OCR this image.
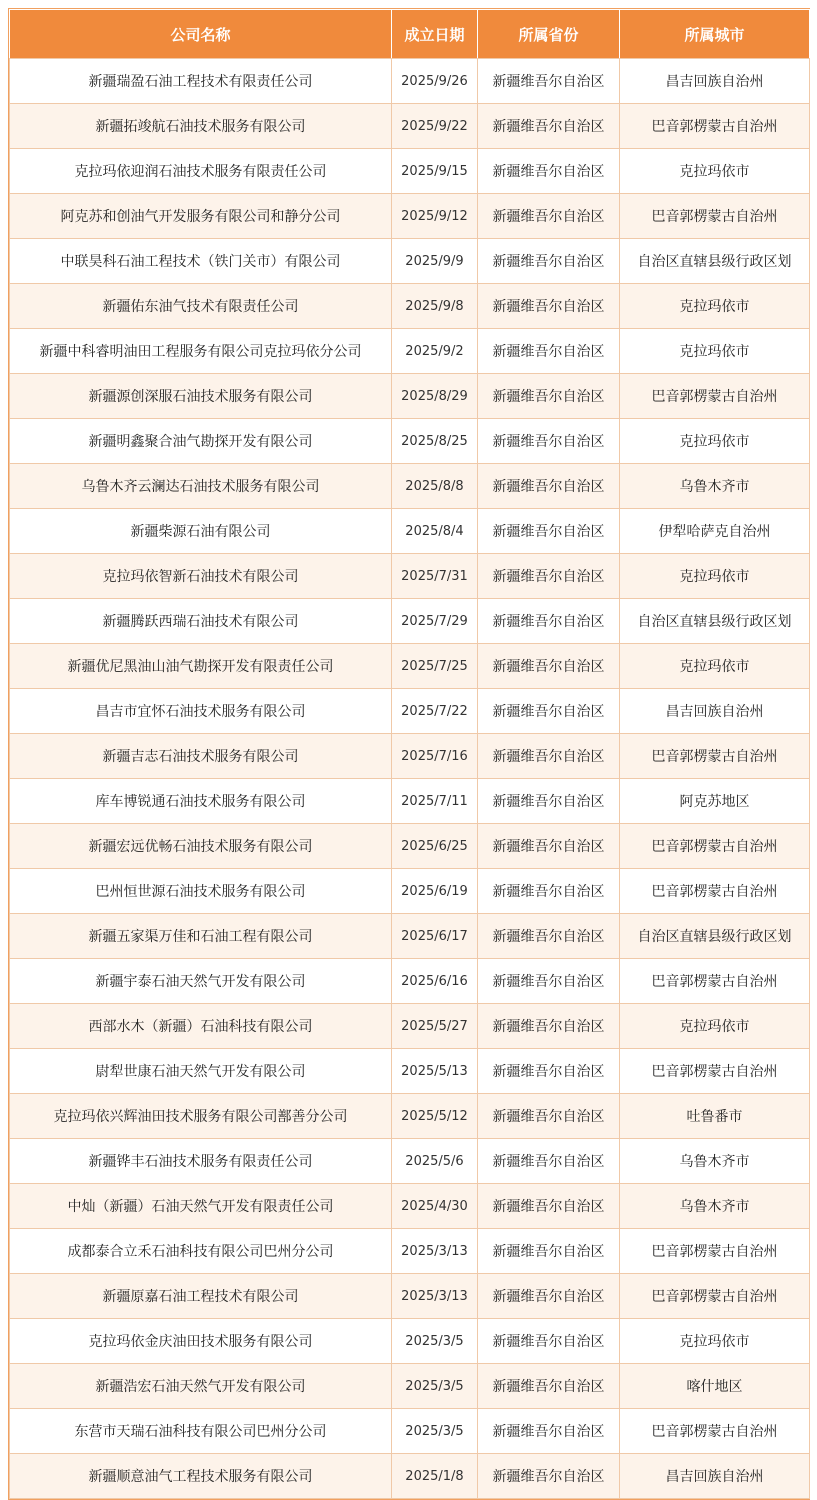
公司名称	成立日期	所属省份	所属城市
新疆瑞盈石油工程技术有限责任公司	2025/9/26	新疆维吾尔自治区	昌吉回族自治州
新疆拓竣航石油技术服务有限公司	2025/9/22	新疆维吾尔自治区	巴音郭楞蒙古自治州
克拉玛依迎润石油技术服务有限责任公司	2025/9/15	新疆维吾尔自治区	克拉玛依市
阿克苏和创油气开发服务有限公司和静分公司	2025/9/12	新疆维吾尔自治区	巴音郭楞蒙古自治州
中联昊科石油工程技术（铁门关市）有限公司	2025/9/9	新疆维吾尔自治区	自治区直辖县级行政区划
新疆佑东油气技术有限责任公司	2025/9/8	新疆维吾尔自治区	克拉玛依市
新疆中科睿明油田工程服务有限公司克拉玛依分公司	2025/9/2	新疆维吾尔自治区	克拉玛依市
新疆源创深服石油技术服务有限公司	2025/8/29	新疆维吾尔自治区	巴音郭楞蒙古自治州
新疆明鑫聚合油气勘探开发有限公司	2025/8/25	新疆维吾尔自治区	克拉玛依市
乌鲁木齐云澜达石油技术服务有限公司	2025/8/8	新疆维吾尔自治区	乌鲁木齐市
新疆柴源石油有限公司	2025/8/4	新疆维吾尔自治区	伊犁哈萨克自治州
克拉玛依智新石油技术有限公司	2025/7/31	新疆维吾尔自治区	克拉玛依市
新疆腾跃西瑞石油技术有限公司	2025/7/29	新疆维吾尔自治区	自治区直辖县级行政区划
新疆优尼黑油山油气勘探开发有限责任公司	2025/7/25	新疆维吾尔自治区	克拉玛依市
昌吉市宜怀石油技术服务有限公司	2025/7/22	新疆维吾尔自治区	昌吉回族自治州
新疆吉志石油技术服务有限公司	2025/7/16	新疆维吾尔自治区	巴音郭楞蒙古自治州
库车博锐通石油技术服务有限公司	2025/7/11	新疆维吾尔自治区	阿克苏地区
新疆宏远优畅石油技术服务有限公司	2025/6/25	新疆维吾尔自治区	巴音郭楞蒙古自治州
巴州恒世源石油技术服务有限公司	2025/6/19	新疆维吾尔自治区	巴音郭楞蒙古自治州
新疆五家渠万佳和石油工程有限公司	2025/6/17	新疆维吾尔自治区	自治区直辖县级行政区划
新疆宇泰石油天然气开发有限公司	2025/6/16	新疆维吾尔自治区	巴音郭楞蒙古自治州
西部水木（新疆）石油科技有限公司	2025/5/27	新疆维吾尔自治区	克拉玛依市
尉犁世康石油天然气开发有限公司	2025/5/13	新疆维吾尔自治区	巴音郭楞蒙古自治州
克拉玛依兴辉油田技术服务有限公司鄯善分公司	2025/5/12	新疆维吾尔自治区	吐鲁番市
新疆铧丰石油技术服务有限责任公司	2025/5/6	新疆维吾尔自治区	乌鲁木齐市
中灿（新疆）石油天然气开发有限责任公司	2025/4/30	新疆维吾尔自治区	乌鲁木齐市
成都泰合立禾石油科技有限公司巴州分公司	2025/3/13	新疆维吾尔自治区	巴音郭楞蒙古自治州
新疆原嘉石油工程技术有限公司	2025/3/13	新疆维吾尔自治区	巴音郭楞蒙古自治州
克拉玛依金庆油田技术服务有限公司	2025/3/5	新疆维吾尔自治区	克拉玛依市
新疆浩宏石油天然气开发有限公司	2025/3/5	新疆维吾尔自治区	喀什地区
东营市天瑞石油科技有限公司巴州分公司	2025/3/5	新疆维吾尔自治区	巴音郭楞蒙古自治州
新疆顺意油气工程技术服务有限公司	2025/1/8	新疆维吾尔自治区	昌吉回族自治州
